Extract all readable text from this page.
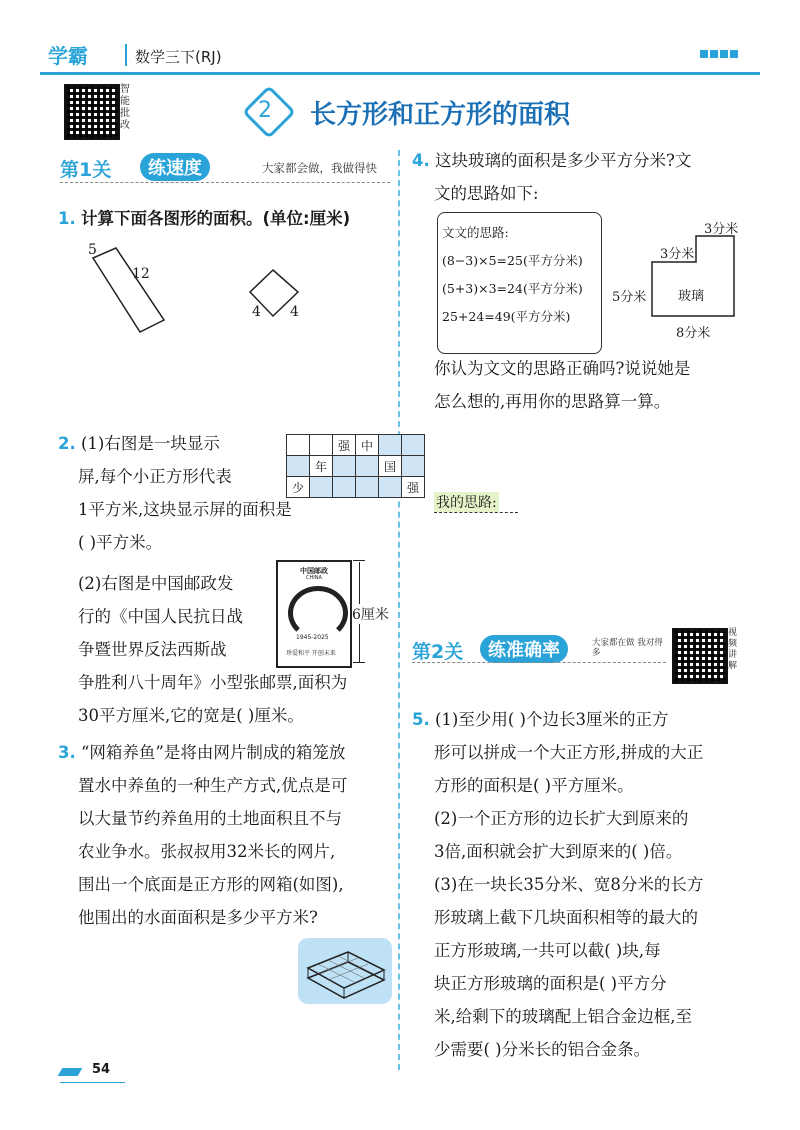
学霸	数学三下(RJ)
智能批改
2 长方形和正方形的面积
第1关	练速度	大家都会做，我做得快
1. 计算下面各图形的面积。(单位:厘米)
5
12
4 4
2. (1)右图是一块显示
屏,每个小正方形代表
1平方米,这块显示屏的面积是
( )平方米。
		强	中		
	年			国	
少					强
(2)右图是中国邮政发
行的《中国人民抗日战
争暨世界反法西斯战
争胜利八十周年》小型张邮票,面积为
30平方厘米,它的宽是( )厘米。
中国邮政
CHINA
1945-2025
珍爱和平 开创未来
6厘米
3. “网箱养鱼”是将由网片制成的箱笼放
置水中养鱼的一种生产方式,优点是可
以大量节约养鱼用的土地面积且不与
农业争水。张叔叔用32米长的网片,
围出一个底面是正方形的网箱(如图),
他围出的水面面积是多少平方米?
4. 这块玻璃的面积是多少平方分米?文
文的思路如下:
文文的思路:
(8−3)×5=25(平方分米)
(5+3)×3=24(平方分米)
25+24=49(平方分米)
3分米
3分米
5分米 玻璃
8分米
你认为文文的思路正确吗?说说她是
怎么想的,再用你的思路算一算。
我的思路:
第2关	练准确率	大家都在做 我对得多
视频讲解
5. (1)至少用( )个边长3厘米的正方
形可以拼成一个大正方形,拼成的大正
方形的面积是( )平方厘米。
(2)一个正方形的边长扩大到原来的
3倍,面积就会扩大到原来的( )倍。
(3)在一块长35分米、宽8分米的长方
形玻璃上截下几块面积相等的最大的
正方形玻璃,一共可以截( )块,每
块正方形玻璃的面积是( )平方分
米,给剩下的玻璃配上铝合金边框,至
少需要( )分米长的铝合金条。
54
